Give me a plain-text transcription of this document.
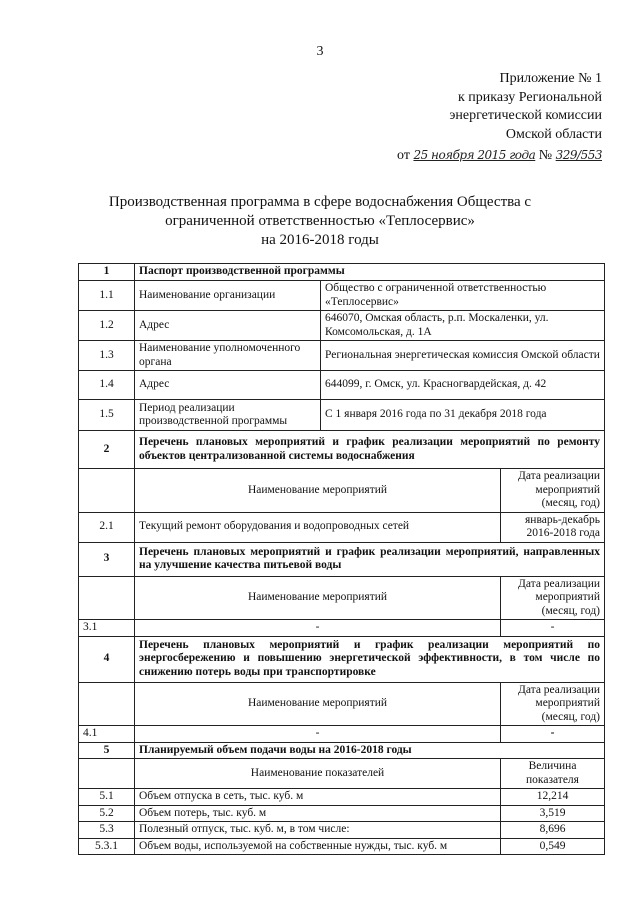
3
Приложение № 1
к приказу Региональной
энергетической комиссии
Омской области
от 25 ноября 2015 года № 329/553
Производственная программа в сфере водоснабжения Общества с
ограниченной ответственностью «Теплосервис»
на 2016-2018 годы
1	Паспорт производственной программы		
1.1	Наименование организации	Общество с ограниченной ответственностью «Теплосервис»	
1.2	Адрес	646070, Омская область, р.п. Москаленки, ул. Комсомольская, д. 1А	
1.3	Наименование уполномоченного органа	Региональная энергетическая комиссия Омской области	
1.4	Адрес	644099, г. Омск, ул. Красногвардейская, д. 42	
1.5	Период реализации производственной программы	С 1 января 2016 года по 31 декабря 2018 года	
2	Перечень плановых мероприятий и график реализации мероприятий по ремонту объектов централизованной системы водоснабжения		
	Наименование мероприятий		Дата реализации мероприятий (месяц, год)
2.1	Текущий ремонт оборудования и водопроводных сетей		январь-декабрь 2016-2018 года
3	Перечень плановых мероприятий и график реализации мероприятий, направленных на улучшение качества питьевой воды		
	Наименование мероприятий		Дата реализации мероприятий (месяц, год)
3.1	-		-
4	Перечень плановых мероприятий и график реализации мероприятий по энергосбережению и повышению энергетической эффективности, в том числе по снижению потерь воды при транспортировке		
	Наименование мероприятий		Дата реализации мероприятий (месяц, год)
4.1	-		-
5	Планируемый объем подачи воды на 2016-2018 годы		
	Наименование показателей		Величина показателя
5.1	Объем отпуска в сеть, тыс. куб. м		12,214
5.2	Объем потерь, тыс. куб. м		3,519
5.3	Полезный отпуск, тыс. куб. м, в том числе:		8,696
5.3.1	Объем воды, используемой на собственные нужды, тыс. куб. м		0,549
